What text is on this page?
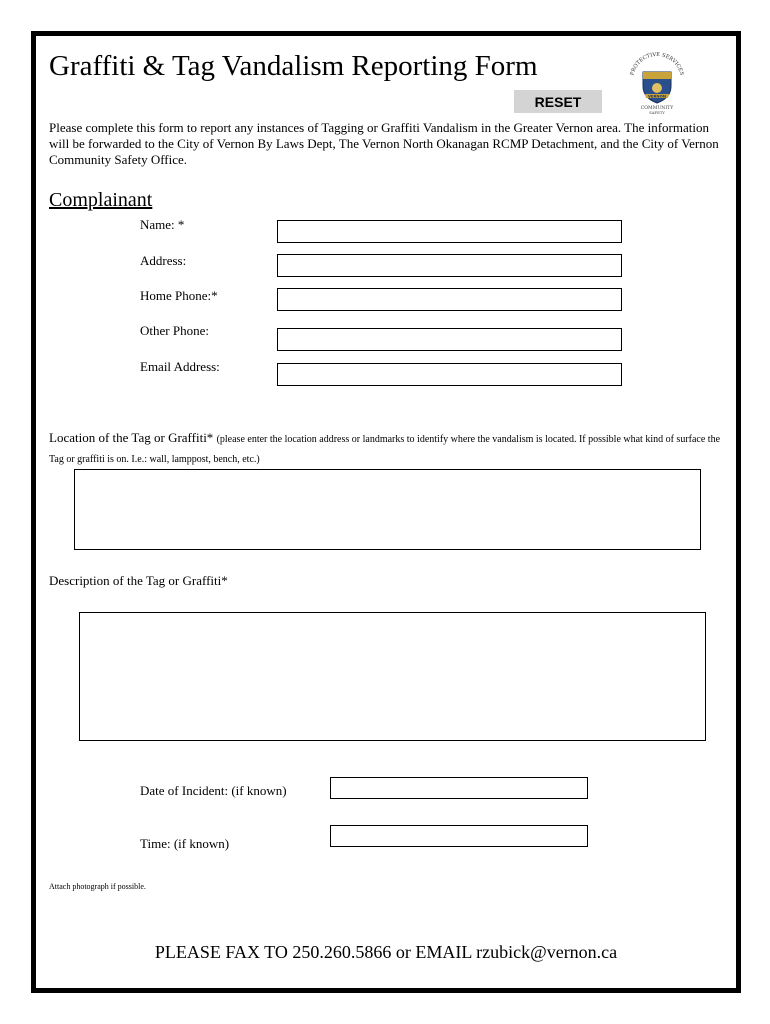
Graffiti & Tag Vandalism Reporting Form
RESET
PROTECTIVE SERVICES
VERNON
COMMUNITY
SAFETY
Please complete this form to report any instances of Tagging or Graffiti Vandalism in the Greater Vernon area. The information will be forwarded to the City of Vernon By Laws Dept, The Vernon North Okanagan RCMP Detachment, and the City of Vernon Community Safety Office.
Complainant
Name: *
Address:
Home Phone:*
Other Phone:
Email Address:
Location of the Tag or Graffiti* (please enter the location address or landmarks to identify where the vandalism is located. If possible what kind of surface the Tag or graffiti is on. I.e.: wall, lamppost, bench, etc.)
Description of the Tag or Graffiti*
Date of Incident: (if known)
Time: (if known)
Attach photograph if possible.
PLEASE FAX TO 250.260.5866 or EMAIL rzubick@vernon.ca
